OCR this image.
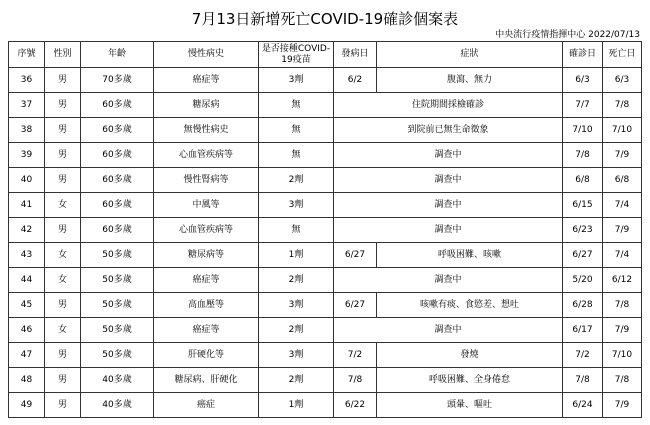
7月13日新增死亡COVID-19確診個案表
中央流行疫情指揮中心 2022/07/13
序號	性別	年齡	慢性病史	是否接種COVID-19疫苗	發病日	症狀	確診日	死亡日
36	男	70多歲	癌症等	3劑	6/2	腹瀉、無力	6/3	6/3
37	男	60多歲	糖尿病	無	住院期間採檢確診		7/7	7/8
38	男	60多歲	無慢性病史	無	到院前已無生命徵象		7/10	7/10
39	男	60多歲	心血管疾病等	無	調查中		7/8	7/9
40	男	60多歲	慢性腎病等	2劑	調查中		6/8	6/8
41	女	60多歲	中風等	3劑	調查中		6/15	7/4
42	男	60多歲	心血管疾病等	無	調查中		6/23	7/9
43	女	50多歲	糖尿病等	1劑	6/27	呼吸困難、咳嗽	6/27	7/4
44	女	50多歲	癌症等	2劑	調查中		5/20	6/12
45	男	50多歲	高血壓等	3劑	6/27	咳嗽有痰、食慾差、想吐	6/28	7/8
46	女	50多歲	癌症等	2劑	調查中		6/17	7/9
47	男	50多歲	肝硬化等	3劑	7/2	發燒	7/2	7/10
48	男	40多歲	糖尿病、肝硬化	2劑	7/8	呼吸困難、全身倦怠	7/8	7/8
49	男	40多歲	癌症	1劑	6/22	頭暈、嘔吐	6/24	7/9
